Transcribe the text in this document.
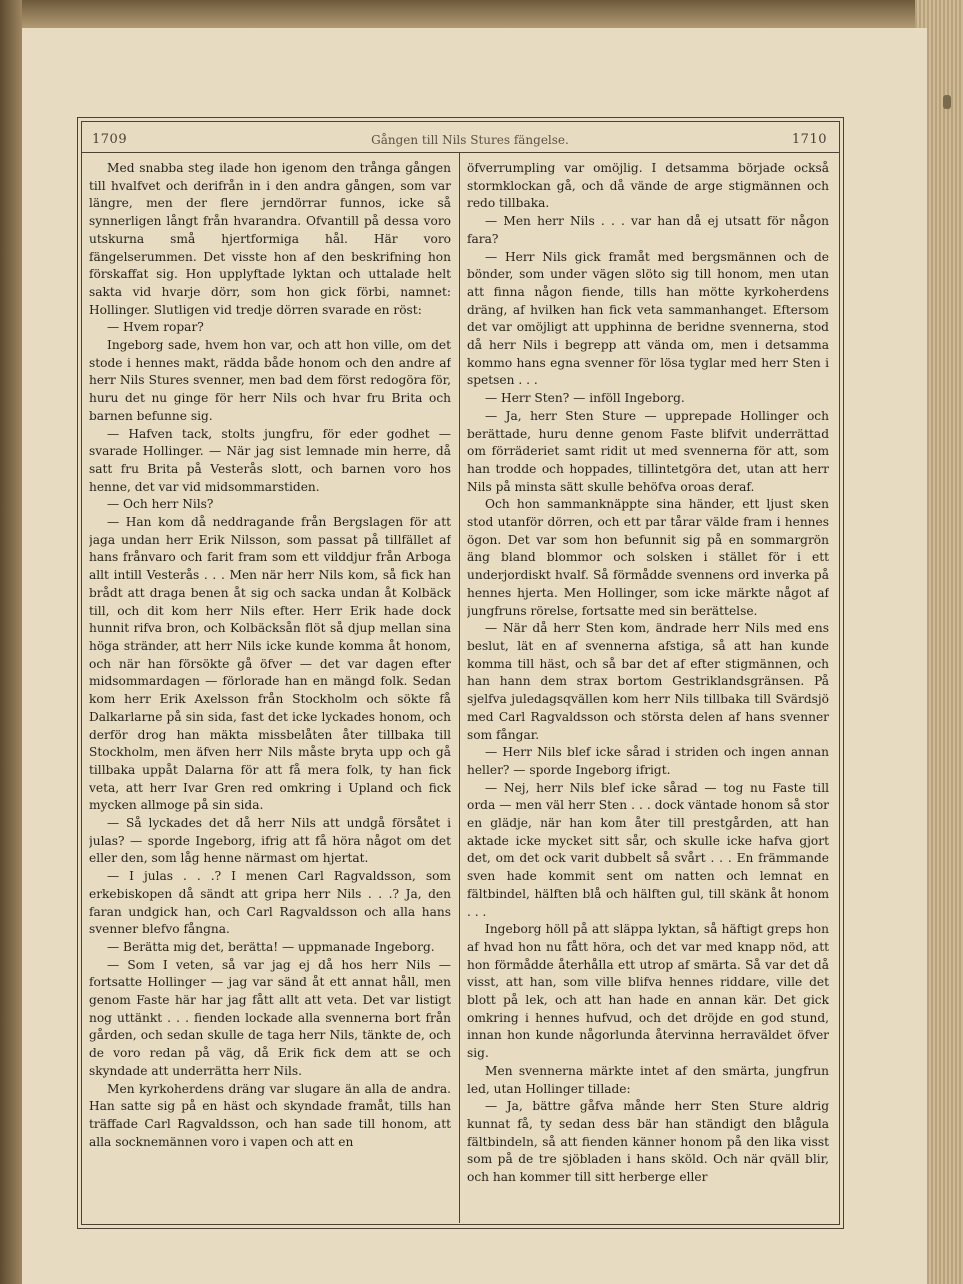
1709	Gången till Nils Stures fängelse.	1710

Med snabba steg ilade hon igenom den trånga gången till hvalfvet och derifrån in i den andra gången, som var längre, men der flere jerndörrar funnos, icke så synnerligen långt från hvarandra. Ofvantill på dessa voro utskurna små hjertformiga hål. Här voro fängelserummen. Det visste hon af den beskrifning hon förskaffat sig. Hon upplyftade lyktan och uttalade helt sakta vid hvarje dörr, som hon gick förbi, namnet: Hollinger. Slutligen vid tredje dörren svarade en röst:

— Hvem ropar?

Ingeborg sade, hvem hon var, och att hon ville, om det stode i hennes makt, rädda både honom och den andre af herr Nils Stures svenner, men bad dem först redogöra för, huru det nu ginge för herr Nils och hvar fru Brita och barnen befunne sig.

— Hafven tack, stolts jungfru, för eder godhet — svarade Hollinger. — När jag sist lemnade min herre, då satt fru Brita på Vesterås slott, och barnen voro hos henne, det var vid midsommarstiden.

— Och herr Nils?

— Han kom då neddragande från Bergslagen för att jaga undan herr Erik Nilsson, som passat på tillfället af hans frånvaro och farit fram som ett vilddjur från Arboga allt intill Vesterås . . . Men när herr Nils kom, så fick han brådt att draga benen åt sig och sacka undan åt Kolbäck till, och dit kom herr Nils efter. Herr Erik hade dock hunnit rifva bron, och Kolbäcksån flöt så djup mellan sina höga stränder, att herr Nils icke kunde komma åt honom, och när han försökte gå öfver — det var dagen efter midsommardagen — förlorade han en mängd folk. Sedan kom herr Erik Axelsson från Stockholm och sökte få Dalkarlarne på sin sida, fast det icke lyckades honom, och derför drog han mäkta missbelåten åter tillbaka till Stockholm, men äfven herr Nils måste bryta upp och gå tillbaka uppåt Dalarna för att få mera folk, ty han fick veta, att herr Ivar Gren red omkring i Upland och fick mycken allmoge på sin sida.

— Så lyckades det då herr Nils att undgå försåtet i julas? — sporde Ingeborg, ifrig att få höra något om det eller den, som låg henne närmast om hjertat.

— I julas . . .? I menen Carl Ragvaldsson, som erkebiskopen då sändt att gripa herr Nils . . .? Ja, den faran undgick han, och Carl Ragvaldsson och alla hans svenner blefvo fångna.

— Berätta mig det, berätta! — uppmanade Ingeborg.

— Som I veten, så var jag ej då hos herr Nils — fortsatte Hollinger — jag var sänd åt ett annat håll, men genom Faste här har jag fått allt att veta. Det var listigt nog uttänkt . . . fienden lockade alla svennerna bort från gården, och sedan skulle de taga herr Nils, tänkte de, och de voro redan på väg, då Erik fick dem att se och skyndade att underrätta herr Nils.

Men kyrkoherdens dräng var slugare än alla de andra. Han satte sig på en häst och skyndade framåt, tills han träffade Carl Ragvaldsson, och han sade till honom, att alla socknemännen voro i vapen och att en

öfverrumpling var omöjlig. I detsamma började också stormklockan gå, och då vände de arge stigmännen och redo tillbaka.

— Men herr Nils . . . var han då ej utsatt för någon fara?

— Herr Nils gick framåt med bergsmännen och de bönder, som under vägen slöto sig till honom, men utan att finna någon fiende, tills han mötte kyrkoherdens dräng, af hvilken han fick veta sammanhanget. Eftersom det var omöjligt att upphinna de beridne svennerna, stod då herr Nils i begrepp att vända om, men i detsamma kommo hans egna svenner för lösa tyglar med herr Sten i spetsen . . .

— Herr Sten? — inföll Ingeborg.

— Ja, herr Sten Sture — upprepade Hollinger och berättade, huru denne genom Faste blifvit underrättad om förräderiet samt ridit ut med svennerna för att, som han trodde och hoppades, tillintetgöra det, utan att herr Nils på minsta sätt skulle behöfva oroas deraf.

Och hon sammanknäppte sina händer, ett ljust sken stod utanför dörren, och ett par tårar välde fram i hennes ögon. Det var som hon befunnit sig på en sommargrön äng bland blommor och solsken i stället för i ett underjordiskt hvalf. Så förmådde svennens ord inverka på hennes hjerta. Men Hollinger, som icke märkte något af jungfruns rörelse, fortsatte med sin berättelse.

— När då herr Sten kom, ändrade herr Nils med ens beslut, lät en af svennerna afstiga, så att han kunde komma till häst, och så bar det af efter stigmännen, och han hann dem strax bortom Gestriklandsgränsen. På sjelfva juledagsqvällen kom herr Nils tillbaka till Svärdsjö med Carl Ragvaldsson och största delen af hans svenner som fångar.

— Herr Nils blef icke sårad i striden och ingen annan heller? — sporde Ingeborg ifrigt.

— Nej, herr Nils blef icke sårad — tog nu Faste till orda — men väl herr Sten . . . dock väntade honom så stor en glädje, när han kom åter till prestgården, att han aktade icke mycket sitt sår, och skulle icke hafva gjort det, om det ock varit dubbelt så svårt . . . En främmande sven hade kommit sent om natten och lemnat en fältbindel, hälften blå och hälften gul, till skänk åt honom . . .

Ingeborg höll på att släppa lyktan, så häftigt greps hon af hvad hon nu fått höra, och det var med knapp nöd, att hon förmådde återhålla ett utrop af smärta. Så var det då visst, att han, som ville blifva hennes riddare, ville det blott på lek, och att han hade en annan kär. Det gick omkring i hennes hufvud, och det dröjde en god stund, innan hon kunde någorlunda återvinna herraväldet öfver sig.

Men svennerna märkte intet af den smärta, jungfrun led, utan Hollinger tillade:

— Ja, bättre gåfva månde herr Sten Sture aldrig kunnat få, ty sedan dess bär han ständigt den blågula fältbindeln, så att fienden känner honom på den lika visst som på de tre sjöbladen i hans sköld. Och när qväll blir, och han kommer till sitt herberge eller
